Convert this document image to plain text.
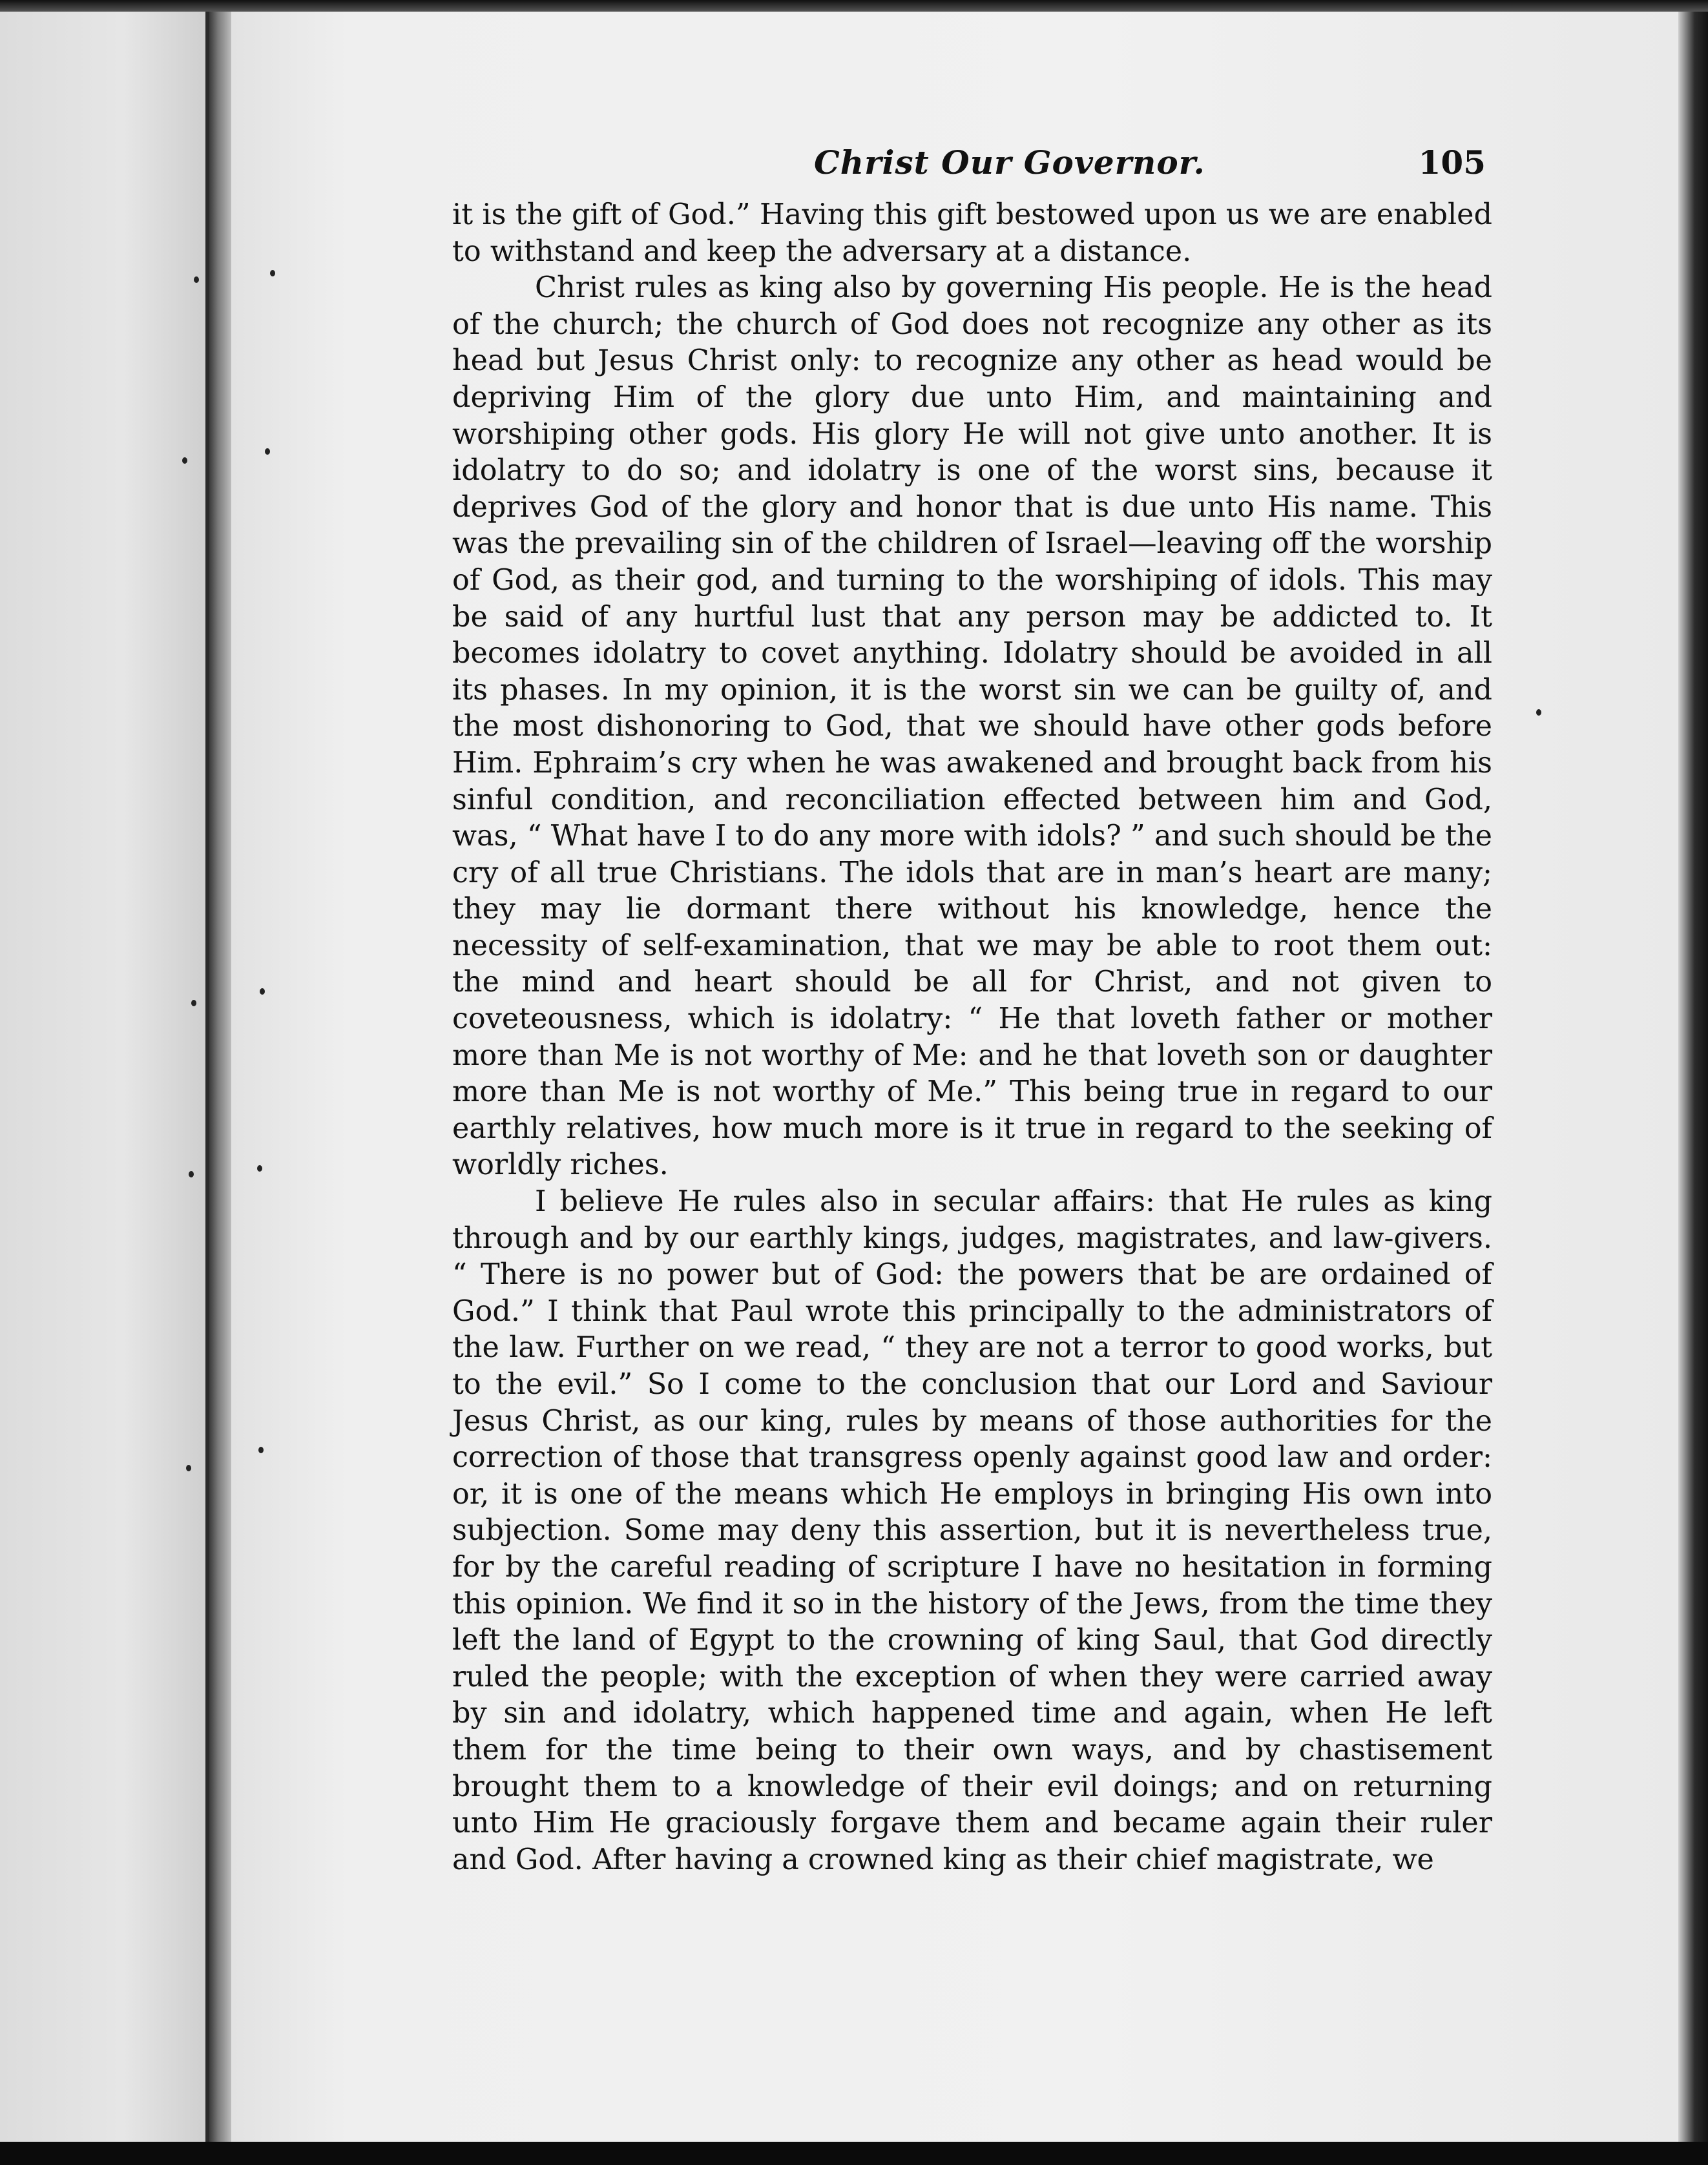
Christ Our Governor.	105

it is the gift of God.” Having this gift bestowed upon us we are enabled to withstand and keep the adversary at a distance.

Christ rules as king also by governing His people. He is the head of the church; the church of God does not recognize any other as its head but Jesus Christ only: to recognize any other as head would be depriving Him of the glory due unto Him, and maintaining and worshiping other gods. His glory He will not give unto another. It is idolatry to do so; and idolatry is one of the worst sins, because it deprives God of the glory and honor that is due unto His name. This was the prevailing sin of the children of Israel—leaving off the worship of God, as their god, and turning to the worshiping of idols. This may be said of any hurtful lust that any person may be addicted to. It becomes idolatry to covet anything. Idolatry should be avoided in all its phases. In my opinion, it is the worst sin we can be guilty of, and the most dishonoring to God, that we should have other gods before Him. Ephraim’s cry when he was awakened and brought back from his sinful condition, and reconciliation effected between him and God, was, “ What have I to do any more with idols? ” and such should be the cry of all true Christians. The idols that are in man’s heart are many; they may lie dormant there without his knowledge, hence the necessity of self-examination, that we may be able to root them out: the mind and heart should be all for Christ, and not given to coveteousness, which is idolatry: “ He that loveth father or mother more than Me is not worthy of Me: and he that loveth son or daughter more than Me is not worthy of Me.” This being true in regard to our earthly relatives, how much more is it true in regard to the seeking of worldly riches.

I believe He rules also in secular affairs: that He rules as king through and by our earthly kings, judges, magistrates, and law-givers. “ There is no power but of God: the powers that be are ordained of God.” I think that Paul wrote this principally to the administrators of the law. Further on we read, “ they are not a terror to good works, but to the evil.” So I come to the conclusion that our Lord and Saviour Jesus Christ, as our king, rules by means of those authorities for the correction of those that transgress openly against good law and order: or, it is one of the means which He employs in bringing His own into subjection. Some may deny this assertion, but it is nevertheless true, for by the careful reading of scripture I have no hesitation in forming this opinion. We find it so in the history of the Jews, from the time they left the land of Egypt to the crowning of king Saul, that God directly ruled the people; with the exception of when they were carried away by sin and idolatry, which happened time and again, when He left them for the time being to their own ways, and by chastisement brought them to a knowledge of their evil doings; and on returning unto Him He graciously forgave them and became again their ruler and God. After having a crowned king as their chief magistrate, we
